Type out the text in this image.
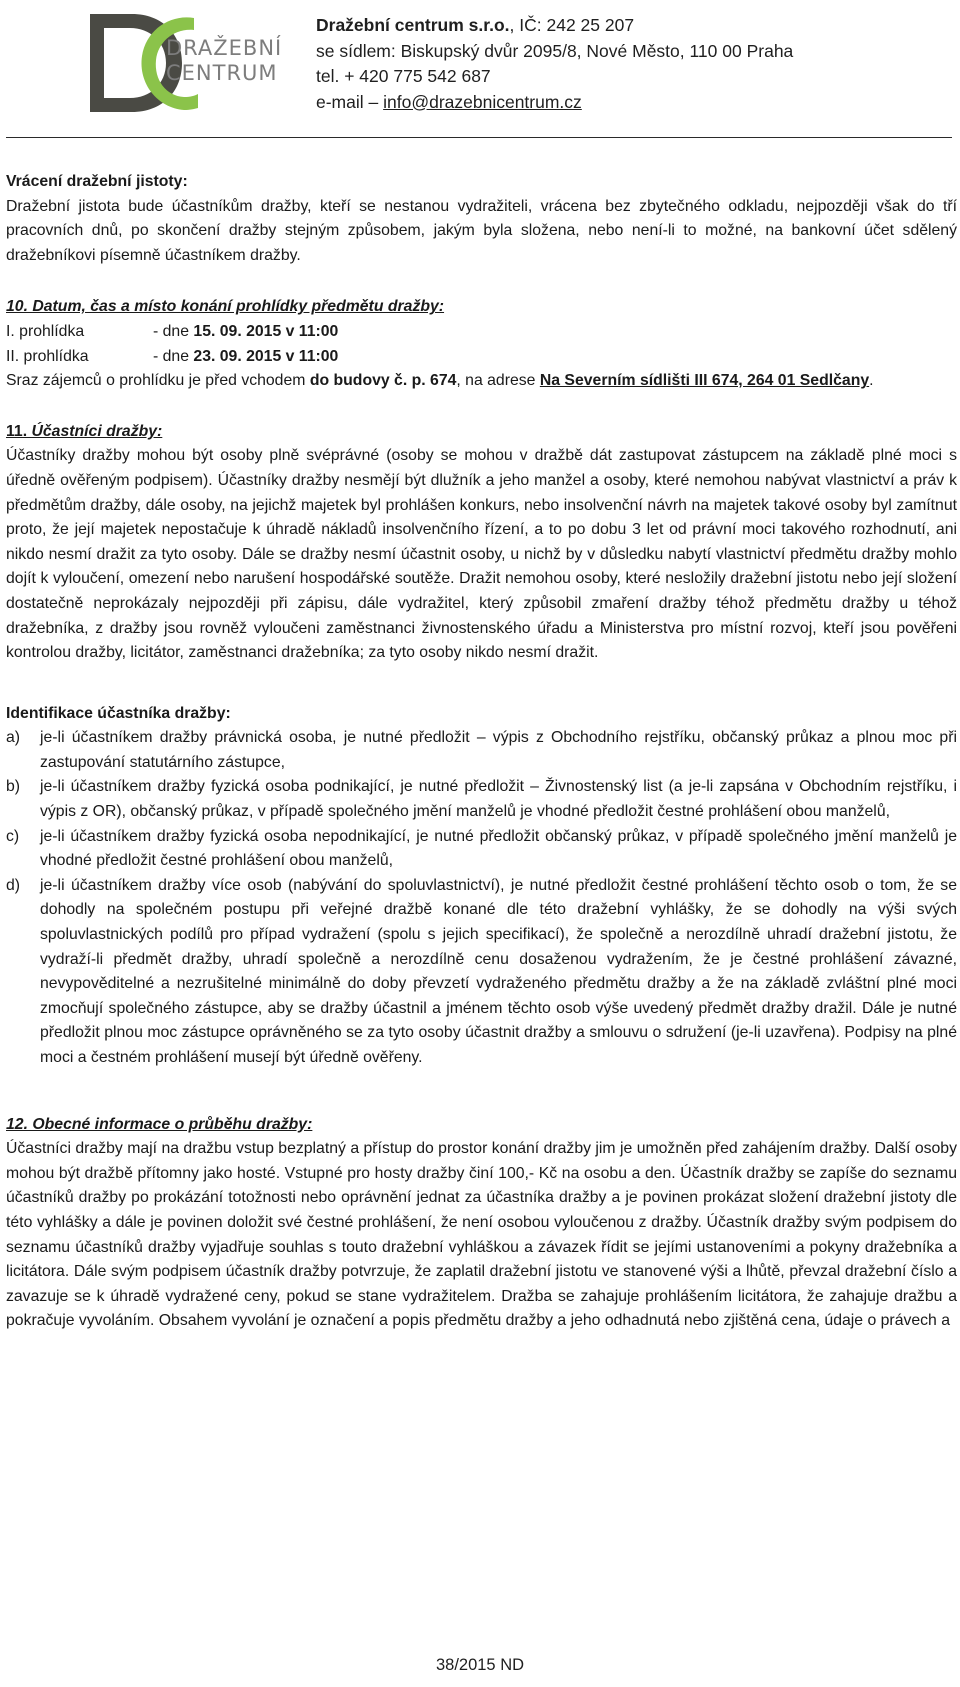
DRAŽEBNÍ
CENTRUM
Dražební centrum s.r.o., IČ: 242 25 207
se sídlem: Biskupský dvůr 2095/8, Nové Město, 110 00 Praha
tel. + 420 775 542 687
e-mail – info@drazebnicentrum.cz

Vrácení dražební jistoty:

Dražební jistota bude účastníkům dražby, kteří se nestanou vydražiteli, vrácena bez zbytečného odkladu, nejpozději však do tří pracovních dnů, po skončení dražby stejným způsobem, jakým byla složena, nebo není-li to možné, na bankovní účet sdělený dražebníkovi písemně účastníkem dražby.

10. Datum, čas a místo konání prohlídky předmětu dražby:

I. prohlídka	- dne 15. 09. 2015 v 11:00
II. prohlídka	- dne 23. 09. 2015 v 11:00

Sraz zájemců o prohlídku je před vchodem do budovy č. p. 674, na adrese Na Severním sídlišti III 674, 264 01 Sedlčany.

11. Účastníci dražby:

Účastníky dražby mohou být osoby plně svéprávné (osoby se mohou v dražbě dát zastupovat zástupcem na základě plné moci s úředně ověřeným podpisem). Účastníky dražby nesmějí být dlužník a jeho manžel a osoby, které nemohou nabývat vlastnictví a práv k předmětům dražby, dále osoby, na jejichž majetek byl prohlášen konkurs, nebo insolvenční návrh na majetek takové osoby byl zamítnut proto, že její majetek nepostačuje k úhradě nákladů insolvenčního řízení, a to po dobu 3 let od právní moci takového rozhodnutí, ani nikdo nesmí dražit za tyto osoby. Dále se dražby nesmí účastnit osoby, u nichž by v důsledku nabytí vlastnictví předmětu dražby mohlo dojít k vyloučení, omezení nebo narušení hospodářské soutěže. Dražit nemohou osoby, které nesložily dražební jistotu nebo její složení dostatečně neprokázaly nejpozději při zápisu, dále vydražitel, který způsobil zmaření dražby téhož předmětu dražby u téhož dražebníka, z dražby jsou rovněž vyloučeni zaměstnanci živnostenského úřadu a Ministerstva pro místní rozvoj, kteří jsou pověřeni kontrolou dražby, licitátor, zaměstnanci dražebníka; za tyto osoby nikdo nesmí dražit.

Identifikace účastníka dražby:

a)	je-li účastníkem dražby právnická osoba, je nutné předložit – výpis z Obchodního rejstříku, občanský průkaz a plnou moc při zastupování statutárního zástupce,
b)	je-li účastníkem dražby fyzická osoba podnikající, je nutné předložit – Živnostenský list (a je-li zapsána v Obchodním rejstříku, i výpis z OR), občanský průkaz, v případě společného jmění manželů je vhodné předložit čestné prohlášení obou manželů,
c)	je-li účastníkem dražby fyzická osoba nepodnikající, je nutné předložit občanský průkaz, v případě společného jmění manželů je vhodné předložit čestné prohlášení obou manželů,
d)	je-li účastníkem dražby více osob (nabývání do spoluvlastnictví), je nutné předložit čestné prohlášení těchto osob o tom, že se dohodly na společném postupu při veřejné dražbě konané dle této dražební vyhlášky, že se dohodly na výši svých spoluvlastnických podílů pro případ vydražení (spolu s jejich specifikací), že společně a nerozdílně uhradí dražební jistotu, že vydraží-li předmět dražby, uhradí společně a nerozdílně cenu dosaženou vydražením, že je čestné prohlášení závazné, nevypověditelné a nezrušitelné minimálně do doby převzetí vydraženého předmětu dražby a že na základě zvláštní plné moci zmocňují společného zástupce, aby se dražby účastnil a jménem těchto osob výše uvedený předmět dražby dražil. Dále je nutné předložit plnou moc zástupce oprávněného se za tyto osoby účastnit dražby a smlouvu o sdružení (je-li uzavřena). Podpisy na plné moci a čestném prohlášení musejí být úředně ověřeny.

12. Obecné informace o průběhu dražby:

Účastníci dražby mají na dražbu vstup bezplatný a přístup do prostor konání dražby jim je umožněn před zahájením dražby. Další osoby mohou být dražbě přítomny jako hosté. Vstupné pro hosty dražby činí 100,- Kč na osobu a den. Účastník dražby se zapíše do seznamu účastníků dražby po prokázání totožnosti nebo oprávnění jednat za účastníka dražby a je povinen prokázat složení dražební jistoty dle této vyhlášky a dále je povinen doložit své čestné prohlášení, že není osobou vyloučenou z dražby. Účastník dražby svým podpisem do seznamu účastníků dražby vyjadřuje souhlas s touto dražební vyhláškou a závazek řídit se jejími ustanoveními a pokyny dražebníka a licitátora. Dále svým podpisem účastník dražby potvrzuje, že zaplatil dražební jistotu ve stanovené výši a lhůtě, převzal dražební číslo a zavazuje se k úhradě vydražené ceny, pokud se stane vydražitelem. Dražba se zahajuje prohlášením licitátora, že zahajuje dražbu a pokračuje vyvoláním. Obsahem vyvolání je označení a popis předmětu dražby a jeho odhadnutá nebo zjištěná cena, údaje o právech a

38/2015 ND
